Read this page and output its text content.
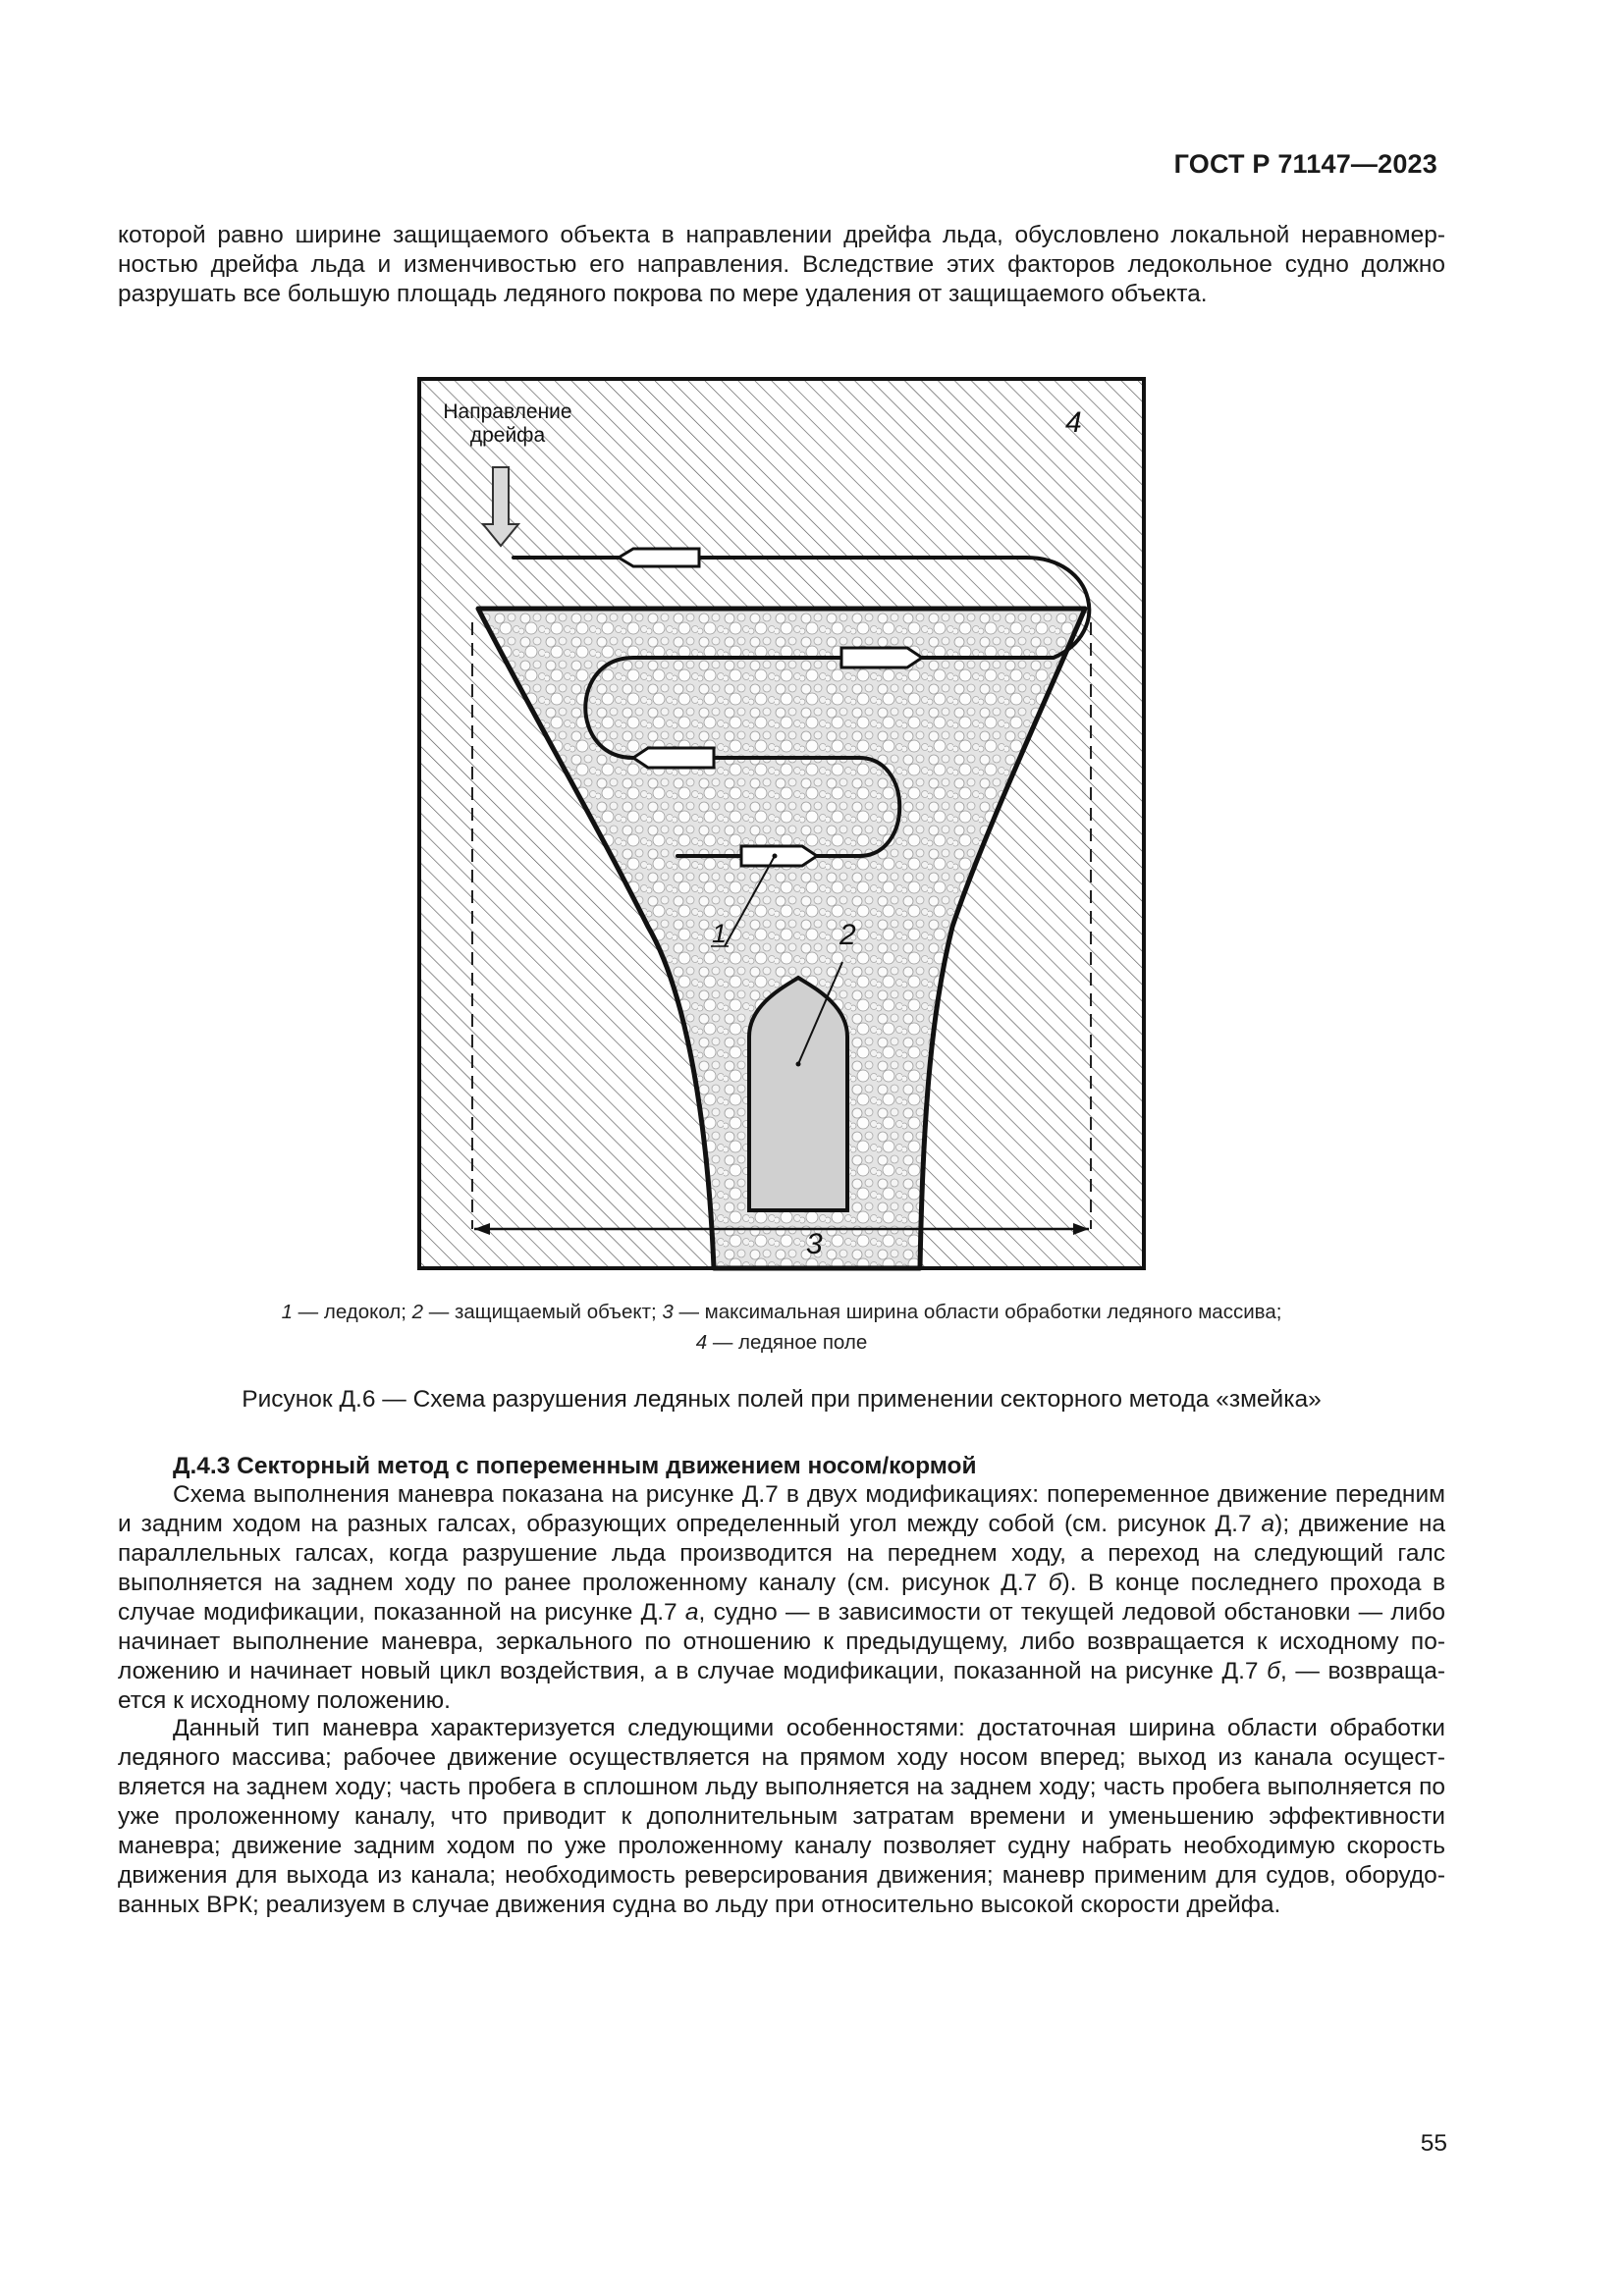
ГОСТ Р 71147—2023

которой равно ширине защищаемого объекта в направлении дрейфа льда, обусловлено локальной неравномерностью дрейфа льда и изменчивостью его направления. Вследствие этих факторов ледокольное судно должно разрушать все большую площадь ледяного покрова по мере удаления от защищаемого объекта.

Направление
дрейфа
1	2
3
4
1 — ледокол; 2 — защищаемый объект; 3 — максимальная ширина области обработки ледяного массива;
4 — ледяное поле
Рисунок Д.6 — Схема разрушения ледяных полей при применении секторного метода «змейка»
Д.4.3 Секторный метод с попеременным движением носом/кормой

Схема выполнения маневра показана на рисунке Д.7 в двух модификациях: попеременное движение передним и задним ходом на разных галсах, образующих определенный угол между собой (см. рисунок Д.7 а); движение на параллельных галсах, когда разрушение льда производится на переднем ходу, а переход на следующий галс выполняется на заднем ходу по ранее проложенному каналу (см. рисунок Д.7 б). В конце последнего прохода в случае модификации, показанной на рисунке Д.7 а, судно — в зависимости от текущей ледовой обстановки — либо начинает выполнение маневра, зеркального по отношению к предыдущему, либо возвращается к исходному положению и начинает новый цикл воздействия, а в случае модификации, показанной на рисунке Д.7 б, — возвращается к исходному положению.

Данный тип маневра характеризуется следующими особенностями: достаточная ширина области обработки ледяного массива; рабочее движение осуществляется на прямом ходу носом вперед; выход из канала осуществляется на заднем ходу; часть пробега в сплошном льду выполняется на заднем ходу; часть пробега выполняется по уже проложенному каналу, что приводит к дополнительным затратам времени и уменьшению эффективности маневра; движение задним ходом по уже проложенному каналу позволяет судну набрать необходимую скорость движения для выхода из канала; необходимость реверсирования движения; маневр применим для судов, оборудованных ВРК; реализуем в случае движения судна во льду при относительно высокой скорости дрейфа.

55
